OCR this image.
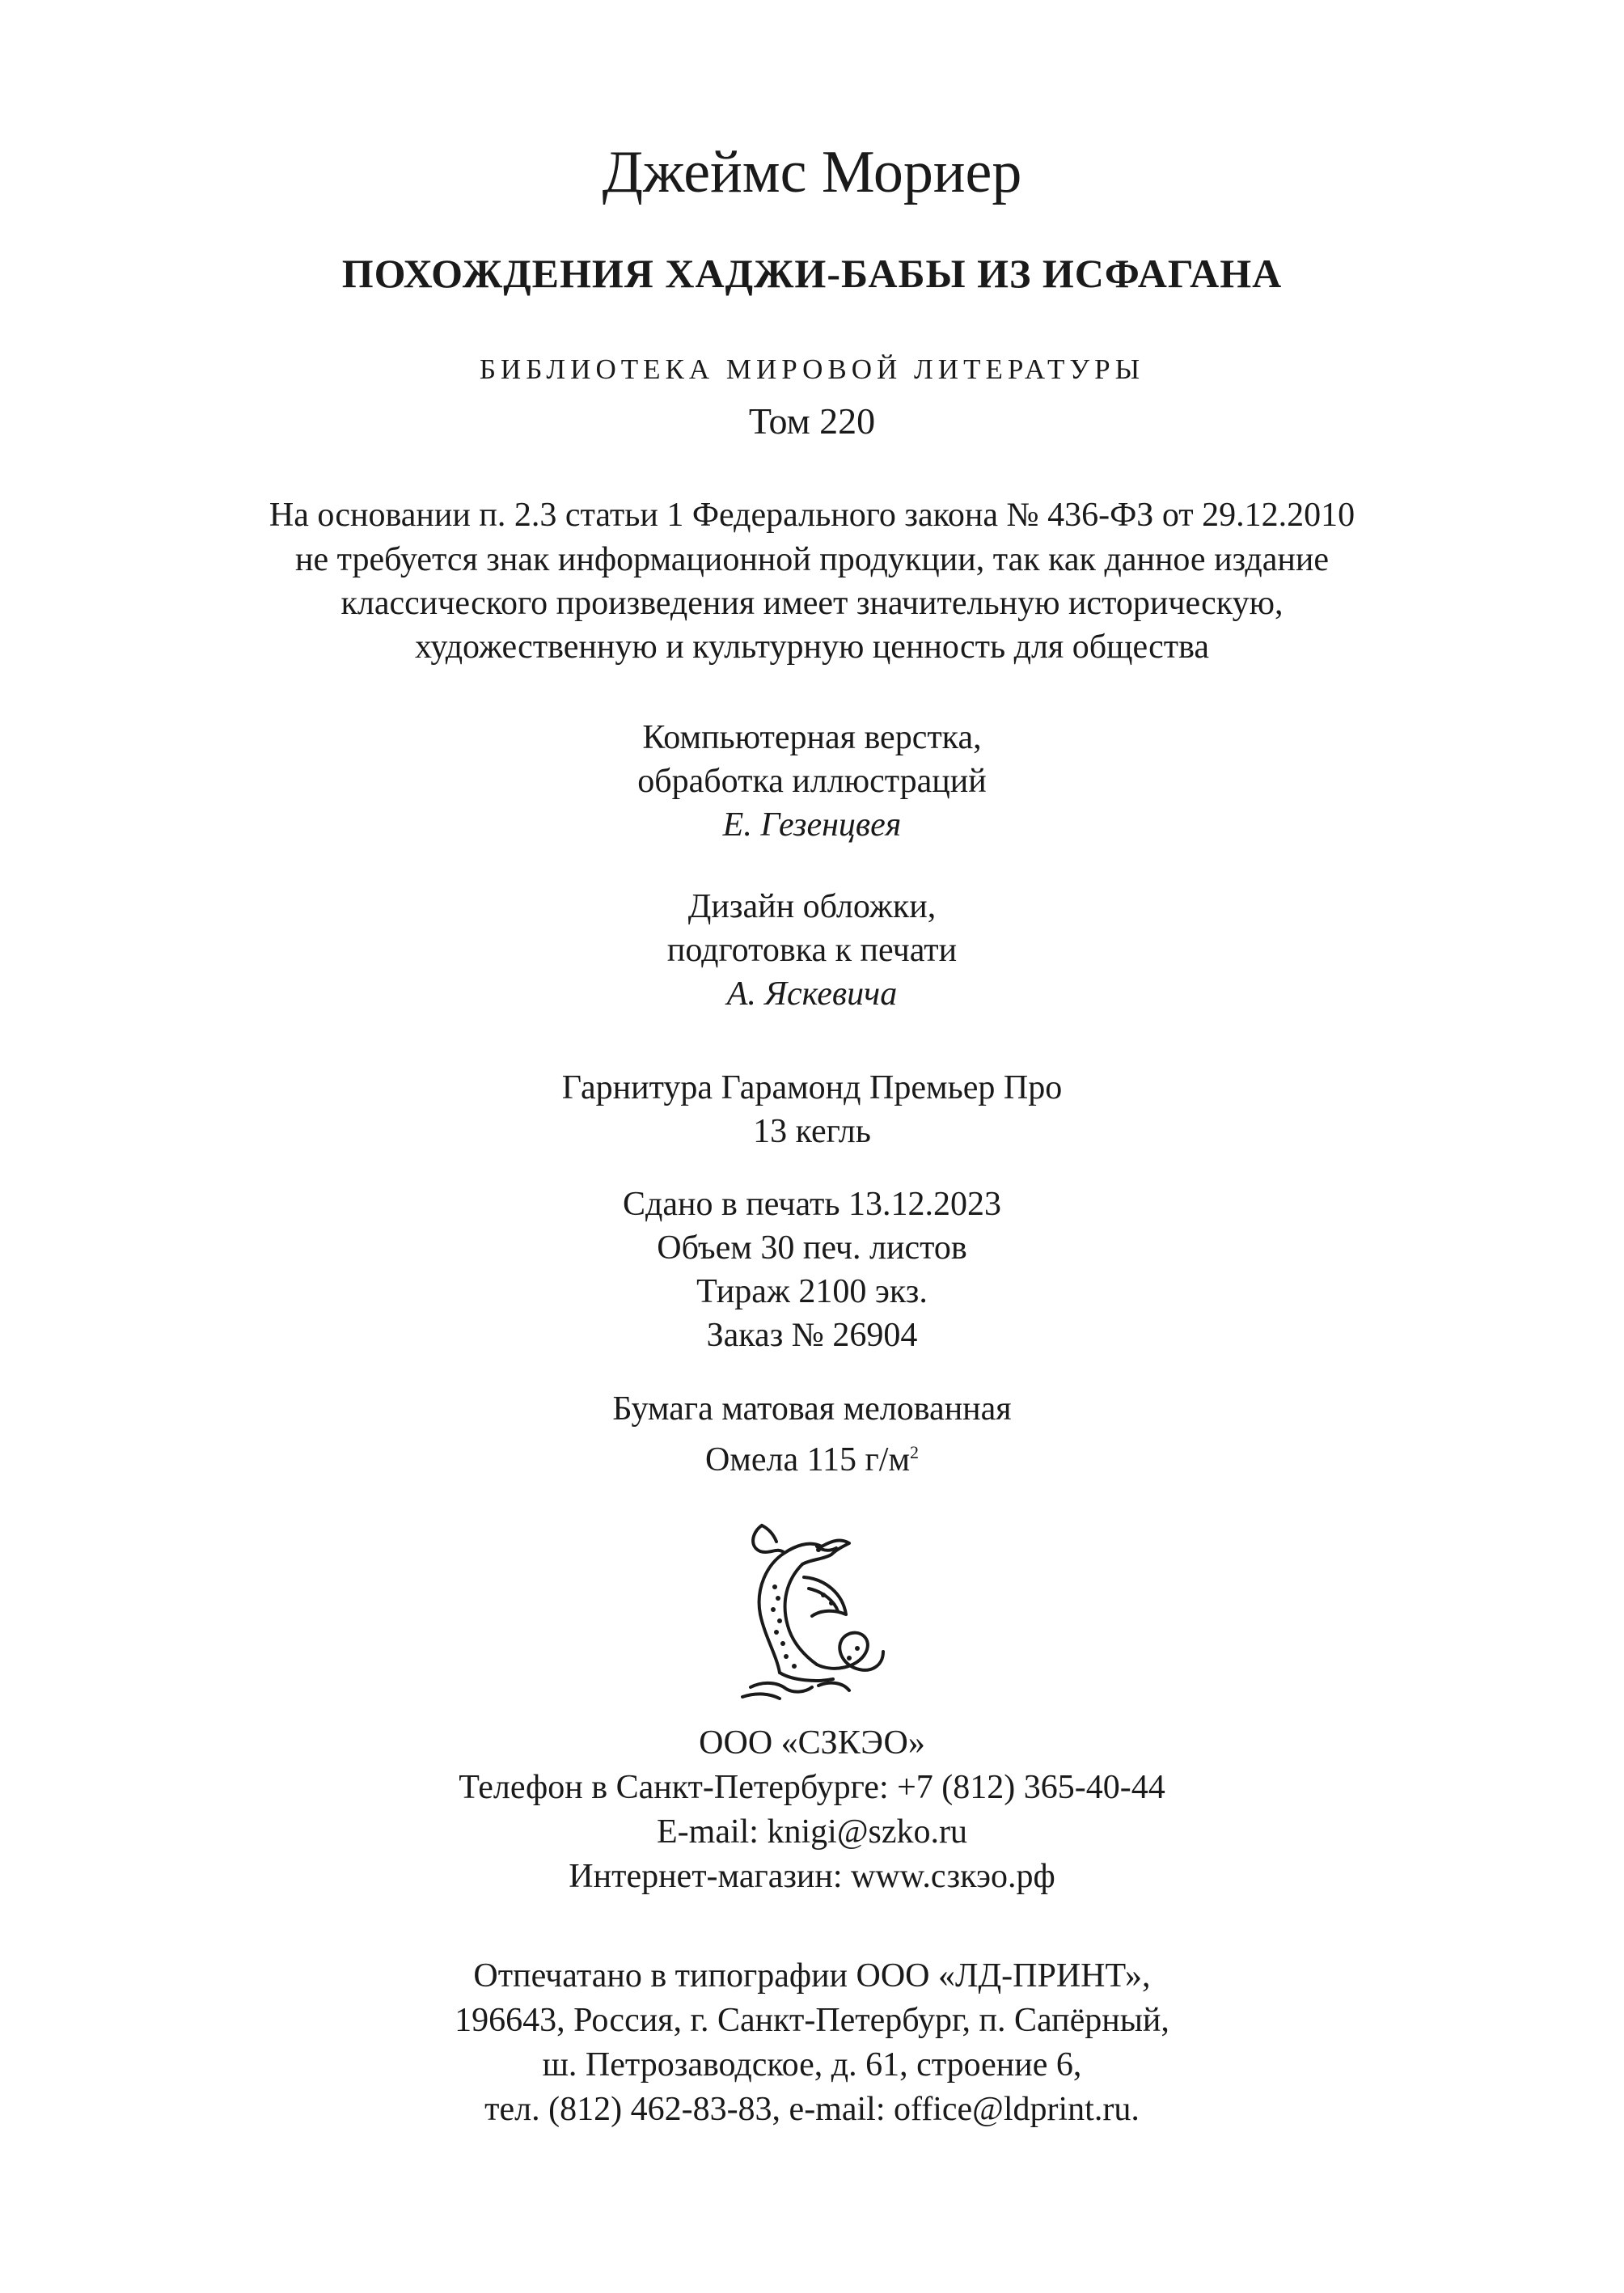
Джеймс Мориер
ПОХОЖДЕНИЯ ХАДЖИ-БАБЫ ИЗ ИСФАГАНА
БИБЛИОТЕКА МИРОВОЙ ЛИТЕРАТУРЫ
Том 220
На основании п. 2.3 статьи 1 Федерального закона № 436-ФЗ от 29.12.2010
не требуется знак информационной продукции, так как данное издание
классического произведения имеет значительную историческую,
художественную и культурную ценность для общества
Компьютерная верстка,
обработка иллюстраций
Е. Гезенцвея
Дизайн обложки,
подготовка к печати
А. Яскевича
Гарнитура Гарамонд Премьер Про
13 кегль
Сдано в печать 13.12.2023
Объем 30 печ. листов
Тираж 2100 экз.
Заказ № 26904
Бумага матовая мелованная
Омела 115 $г/м^2$
ООО «СЗКЭО»
Телефон в Санкт-Петербурге: +7 (812) 365-40-44
E-mail: knigi@szko.ru
Интернет-магазин: www.сзкэо.рф
Отпечатано в типографии ООО «ЛД-ПРИНТ»,
196643, Россия, г. Санкт-Петербург, п. Сапёрный,
ш. Петрозаводское, д. 61, строение 6,
тел. (812) 462-83-83, e-mail: office@ldprint.ru.
